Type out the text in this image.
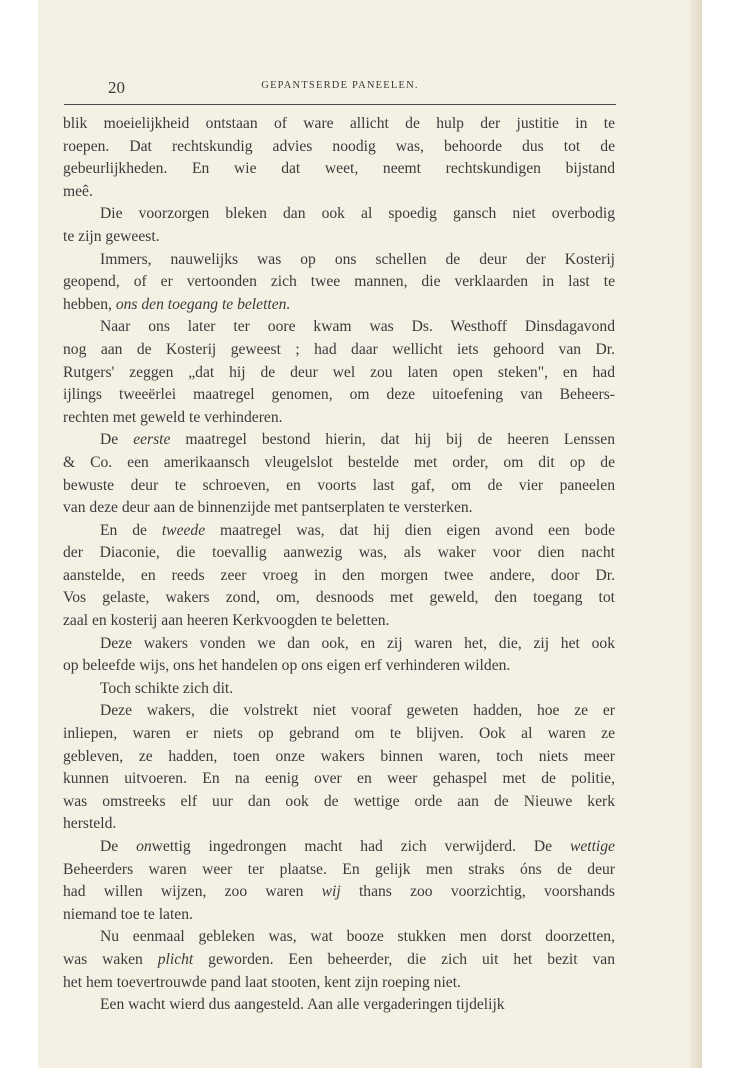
20	GEPANTSERDE PANEELEN.
blik moeielijkheid ontstaan of ware allicht de hulp der justitie in te
roepen. Dat rechtskundig advies noodig was, behoorde dus tot de
gebeurlijkheden. En wie dat weet, neemt rechtskundigen bijstand
meê.
Die voorzorgen bleken dan ook al spoedig gansch niet overbodig
te zijn geweest.
Immers, nauwelijks was op ons schellen de deur der Kosterij
geopend, of er vertoonden zich twee mannen, die verklaarden in last te
hebben, ons den toegang te beletten.
Naar ons later ter oore kwam was Ds. Westhoff Dinsdagavond
nog aan de Kosterij geweest ; had daar wellicht iets gehoord van Dr.
Rutgers' zeggen „dat hij de deur wel zou laten open steken", en had
ijlings tweeërlei maatregel genomen, om deze uitoefening van Beheers-
rechten met geweld te verhinderen.
De eerste maatregel bestond hierin, dat hij bij de heeren Lenssen
& Co. een amerikaansch vleugelslot bestelde met order, om dit op de
bewuste deur te schroeven, en voorts last gaf, om de vier paneelen
van deze deur aan de binnenzijde met pantserplaten te versterken.
En de tweede maatregel was, dat hij dien eigen avond een bode
der Diaconie, die toevallig aanwezig was, als waker voor dien nacht
aanstelde, en reeds zeer vroeg in den morgen twee andere, door Dr.
Vos gelaste, wakers zond, om, desnoods met geweld, den toegang tot
zaal en kosterij aan heeren Kerkvoogden te beletten.
Deze wakers vonden we dan ook, en zij waren het, die, zij het ook
op beleefde wijs, ons het handelen op ons eigen erf verhinderen wilden.
Toch schikte zich dit.
Deze wakers, die volstrekt niet vooraf geweten hadden, hoe ze er
inliepen, waren er niets op gebrand om te blijven. Ook al waren ze
gebleven, ze hadden, toen onze wakers binnen waren, toch niets meer
kunnen uitvoeren. En na eenig over en weer gehaspel met de politie,
was omstreeks elf uur dan ook de wettige orde aan de Nieuwe kerk
hersteld.
De onwettig ingedrongen macht had zich verwijderd. De wettige
Beheerders waren weer ter plaatse. En gelijk men straks óns de deur
had willen wijzen, zoo waren wij thans zoo voorzichtig, voorshands
niemand toe te laten.
Nu eenmaal gebleken was, wat booze stukken men dorst doorzetten,
was waken plicht geworden. Een beheerder, die zich uit het bezit van
het hem toevertrouwde pand laat stooten, kent zijn roeping niet.
Een wacht wierd dus aangesteld. Aan alle vergaderingen tijdelijk
